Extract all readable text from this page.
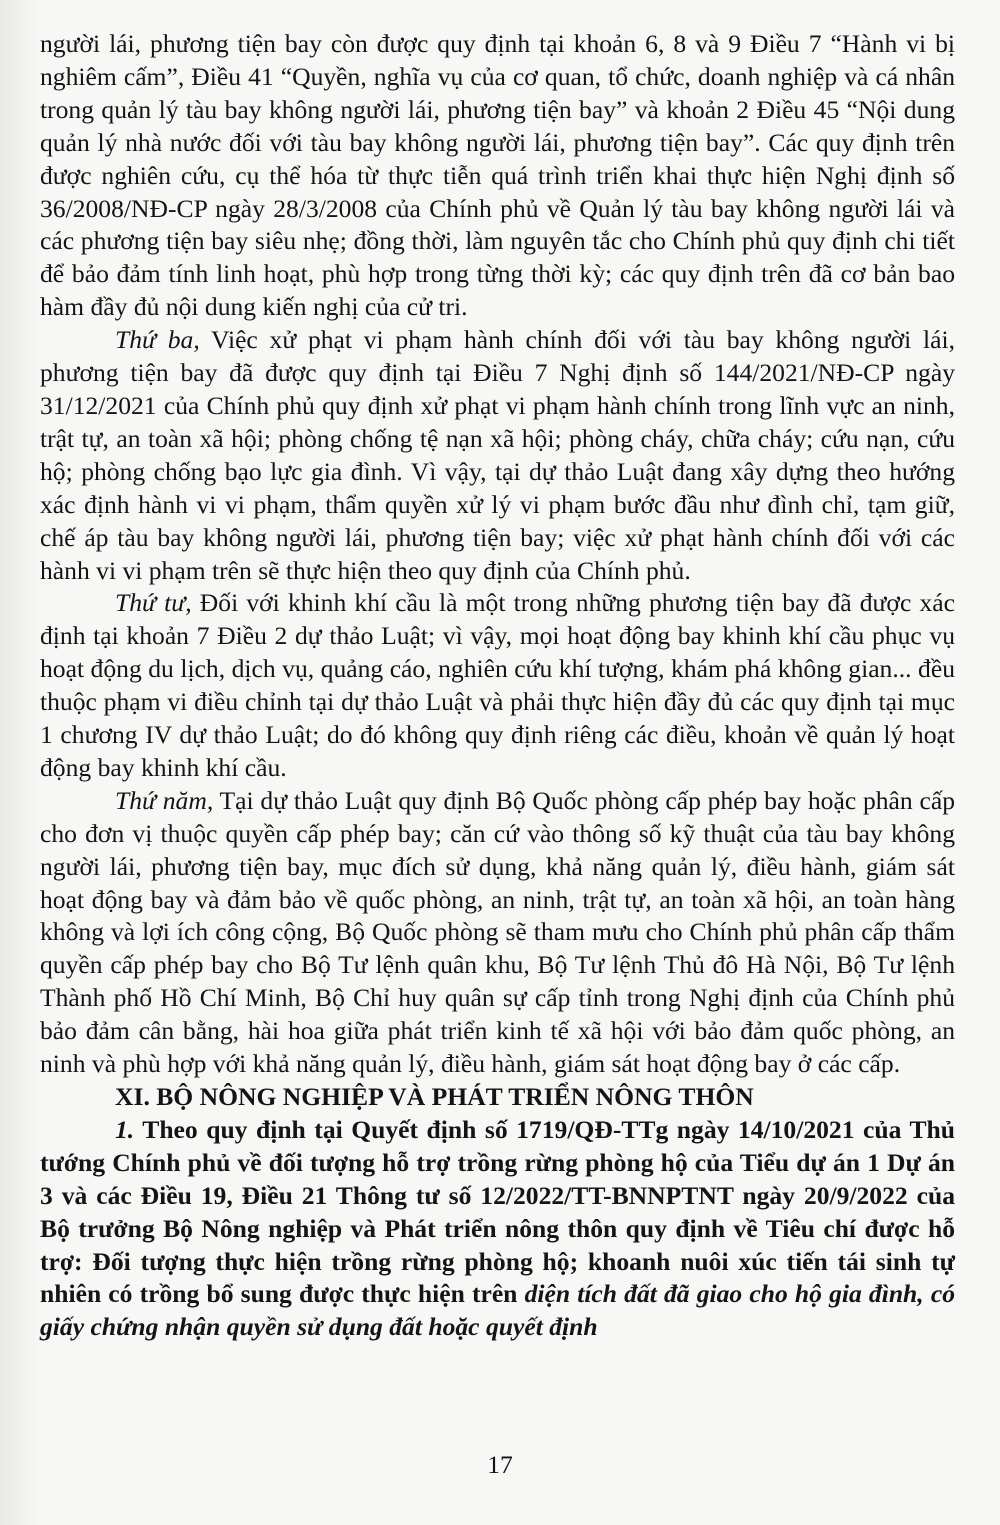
người lái, phương tiện bay còn được quy định tại khoản 6, 8 và 9 Điều 7 “Hành vi bị nghiêm cấm”, Điều 41 “Quyền, nghĩa vụ của cơ quan, tổ chức, doanh nghiệp và cá nhân trong quản lý tàu bay không người lái, phương tiện bay” và khoản 2 Điều 45 “Nội dung quản lý nhà nước đối với tàu bay không người lái, phương tiện bay”. Các quy định trên được nghiên cứu, cụ thể hóa từ thực tiễn quá trình triển khai thực hiện Nghị định số 36/2008/NĐ-CP ngày 28/3/2008 của Chính phủ về Quản lý tàu bay không người lái và các phương tiện bay siêu nhẹ; đồng thời, làm nguyên tắc cho Chính phủ quy định chi tiết để bảo đảm tính linh hoạt, phù hợp trong từng thời kỳ; các quy định trên đã cơ bản bao hàm đầy đủ nội dung kiến nghị của cử tri.

Thứ ba, Việc xử phạt vi phạm hành chính đối với tàu bay không người lái, phương tiện bay đã được quy định tại Điều 7 Nghị định số 144/2021/NĐ-CP ngày 31/12/2021 của Chính phủ quy định xử phạt vi phạm hành chính trong lĩnh vực an ninh, trật tự, an toàn xã hội; phòng chống tệ nạn xã hội; phòng cháy, chữa cháy; cứu nạn, cứu hộ; phòng chống bạo lực gia đình. Vì vậy, tại dự thảo Luật đang xây dựng theo hướng xác định hành vi vi phạm, thẩm quyền xử lý vi phạm bước đầu như đình chỉ, tạm giữ, chế áp tàu bay không người lái, phương tiện bay; việc xử phạt hành chính đối với các hành vi vi phạm trên sẽ thực hiện theo quy định của Chính phủ.

Thứ tư, Đối với khinh khí cầu là một trong những phương tiện bay đã được xác định tại khoản 7 Điều 2 dự thảo Luật; vì vậy, mọi hoạt động bay khinh khí cầu phục vụ hoạt động du lịch, dịch vụ, quảng cáo, nghiên cứu khí tượng, khám phá không gian... đều thuộc phạm vi điều chỉnh tại dự thảo Luật và phải thực hiện đầy đủ các quy định tại mục 1 chương IV dự thảo Luật; do đó không quy định riêng các điều, khoản về quản lý hoạt động bay khinh khí cầu.

Thứ năm, Tại dự thảo Luật quy định Bộ Quốc phòng cấp phép bay hoặc phân cấp cho đơn vị thuộc quyền cấp phép bay; căn cứ vào thông số kỹ thuật của tàu bay không người lái, phương tiện bay, mục đích sử dụng, khả năng quản lý, điều hành, giám sát hoạt động bay và đảm bảo về quốc phòng, an ninh, trật tự, an toàn xã hội, an toàn hàng không và lợi ích công cộng, Bộ Quốc phòng sẽ tham mưu cho Chính phủ phân cấp thẩm quyền cấp phép bay cho Bộ Tư lệnh quân khu, Bộ Tư lệnh Thủ đô Hà Nội, Bộ Tư lệnh Thành phố Hồ Chí Minh, Bộ Chỉ huy quân sự cấp tỉnh trong Nghị định của Chính phủ bảo đảm cân bằng, hài hoa giữa phát triển kinh tế xã hội với bảo đảm quốc phòng, an ninh và phù hợp với khả năng quản lý, điều hành, giám sát hoạt động bay ở các cấp.

XI. BỘ NÔNG NGHIỆP VÀ PHÁT TRIỂN NÔNG THÔN

1. Theo quy định tại Quyết định số 1719/QĐ-TTg ngày 14/10/2021 của Thủ tướng Chính phủ về đối tượng hỗ trợ trồng rừng phòng hộ của Tiểu dự án 1 Dự án 3 và các Điều 19, Điều 21 Thông tư số 12/2022/TT-BNNPTNT ngày 20/9/2022 của Bộ trưởng Bộ Nông nghiệp và Phát triển nông thôn quy định về Tiêu chí được hỗ trợ: Đối tượng thực hiện trồng rừng phòng hộ; khoanh nuôi xúc tiến tái sinh tự nhiên có trồng bổ sung được thực hiện trên diện tích đất đã giao cho hộ gia đình, có giấy chứng nhận quyền sử dụng đất hoặc quyết định

17
